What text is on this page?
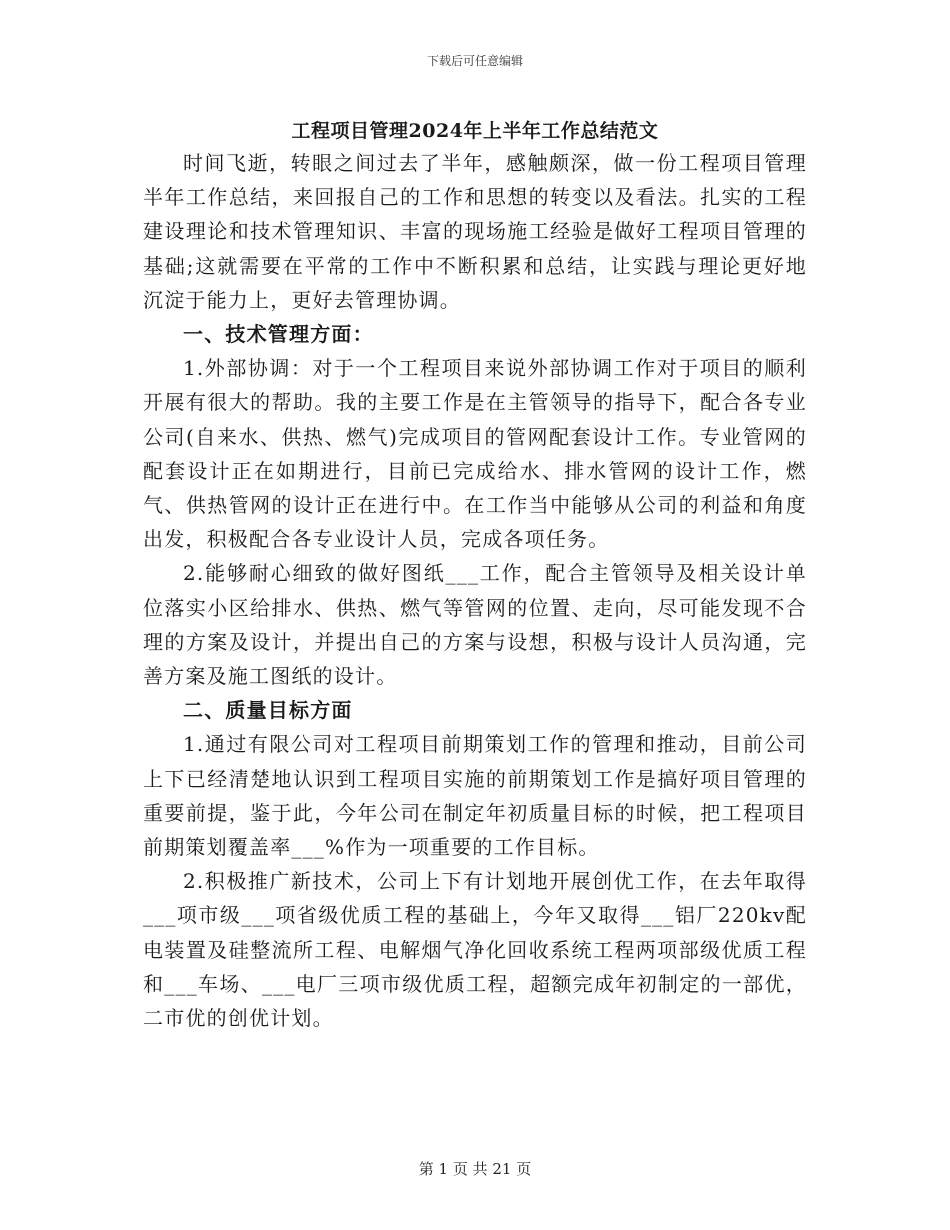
下载后可任意编辑
工程项目管理2024年上半年工作总结范文

时间飞逝，转眼之间过去了半年，感触颇深，做一份工程项目管理半年工作总结，来回报自己的工作和思想的转变以及看法。扎实的工程建设理论和技术管理知识、丰富的现场施工经验是做好工程项目管理的基础;这就需要在平常的工作中不断积累和总结，让实践与理论更好地沉淀于能力上，更好去管理协调。

一、技术管理方面：

1.外部协调：对于一个工程项目来说外部协调工作对于项目的顺利开展有很大的帮助。我的主要工作是在主管领导的指导下，配合各专业公司(自来水、供热、燃气)完成项目的管网配套设计工作。专业管网的配套设计正在如期进行，目前已完成给水、排水管网的设计工作，燃气、供热管网的设计正在进行中。在工作当中能够从公司的利益和角度出发，积极配合各专业设计人员，完成各项任务。

2.能够耐心细致的做好图纸___工作，配合主管领导及相关设计单位落实小区给排水、供热、燃气等管网的位置、走向，尽可能发现不合理的方案及设计，并提出自己的方案与设想，积极与设计人员沟通，完善方案及施工图纸的设计。

二、质量目标方面

1.通过有限公司对工程项目前期策划工作的管理和推动，目前公司上下已经清楚地认识到工程项目实施的前期策划工作是搞好项目管理的重要前提，鉴于此，今年公司在制定年初质量目标的时候，把工程项目前期策划覆盖率___%作为一项重要的工作目标。

2.积极推广新技术，公司上下有计划地开展创优工作，在去年取得___项市级___项省级优质工程的基础上，今年又取得___铝厂220kv配电装置及硅整流所工程、电解烟气净化回收系统工程两项部级优质工程和___车场、___电厂三项市级优质工程，超额完成年初制定的一部优，二市优的创优计划。

第 1 页 共 21 页
